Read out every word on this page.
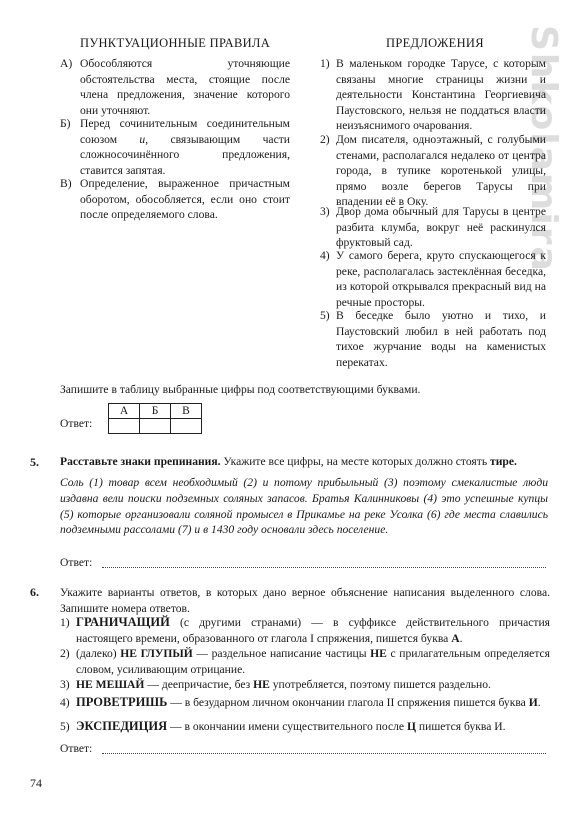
Shkolamira
ПУНКТУАЦИОННЫЕ ПРАВИЛА	ПРЕДЛОЖЕНИЯ
А) Обособляются уточняющие обстоятельства места, стоящие после члена предложения, значение которого они уточняют.
Б) Перед сочинительным соединительным союзом и, связывающим части сложносочинённого предложения, ставится запятая.
В) Определение, выраженное причастным оборотом, обособляется, если оно стоит после определяемого слова.
1) В маленьком городке Тарусе, с которым связаны многие страницы жизни и деятельности Константина Георгиевича Паустовского, нельзя не поддаться власти неизъяснимого очарования.
2) Дом писателя, одноэтажный, с голубыми стенами, располагался недалеко от центра города, в тупике коротенькой улицы, прямо возле берегов Тарусы при впадении её в Оку.
3) Двор дома обычный для Тарусы в центре разбита клумба, вокруг неё раскинулся фруктовый сад.
4) У самого берега, круто спускающегося к реке, располагалась застеклённая беседка, из которой открывался прекрасный вид на речные просторы.
5) В беседке было уютно и тихо, и Паустовский любил в ней работать под тихое журчание воды на каменистых перекатах.
Запишите в таблицу выбранные цифры под соответствующими буквами.
Ответ:
А	Б	В

5. Расставьте знаки препинания. Укажите все цифры, на месте которых должно стоять тире.
Соль (1) товар всем необходимый (2) и потому прибыльный (3) поэтому смекалистые люди издавна вели поиски подземных соляных запасов. Братья Калинниковы (4) это успешные купцы (5) которые организовали соляной промысел в Прикамье на реке Усолка (6) где места славились подземными рассолами (7) и в 1430 году основали здесь поселение.
Ответ:
6. Укажите варианты ответов, в которых дано верное объяснение написания выделенного слова. Запишите номера ответов.
1) ГРАНИЧАЩИЙ (с другими странами) — в суффиксе действительного причастия настоящего времени, образованного от глагола I спряжения, пишется буква А.
2) (далеко) НЕ ГЛУПЫЙ — раздельное написание частицы НЕ с прилагательным определяется словом, усиливающим отрицание.
3) НЕ МЕШАЙ — деепричастие, без НЕ употребляется, поэтому пишется раздельно.
4) ПРОВЕТРИШЬ — в безударном личном окончании глагола II спряжения пишется буква И.
5) ЭКСПЕДИЦИЯ — в окончании имени существительного после Ц пишется буква И.
Ответ:
74
